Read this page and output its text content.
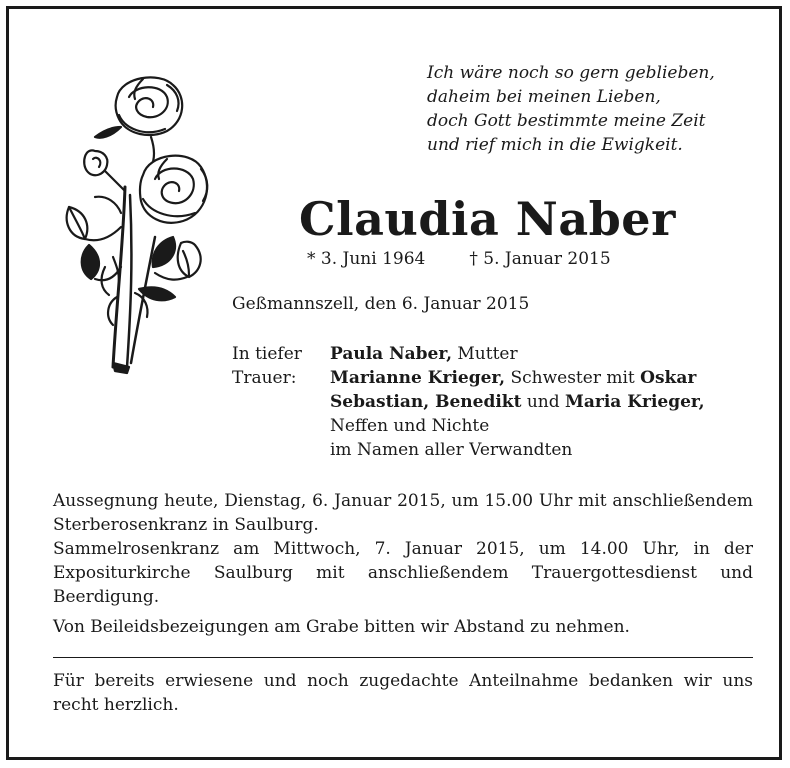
Ich wäre noch so gern geblieben,
daheim bei meinen Lieben,
doch Gott bestimmte meine Zeit
und rief mich in die Ewigkeit.
Claudia Naber
* 3. Juni 1964	† 5. Januar 2015
Geßmannszell, den 6. Januar 2015
In tiefer
Trauer:
Paula Naber, Mutter
Marianne Krieger, Schwester mit Oskar
Sebastian, Benedikt und Maria Krieger,
Neffen und Nichte
im Namen aller Verwandten

Aussegnung heute, Dienstag, 6. Januar 2015, um 15.00 Uhr mit anschließendem Sterberosenkranz in Saulburg.

Sammelrosenkranz am Mittwoch, 7. Januar 2015, um 14.00 Uhr, in der Expositurkirche Saulburg mit anschließendem Trauergottesdienst und Beerdigung.

Von Beileidsbezeigungen am Grabe bitten wir Abstand zu nehmen.

Für bereits erwiesene und noch zugedachte Anteilnahme bedanken wir uns recht herzlich.
